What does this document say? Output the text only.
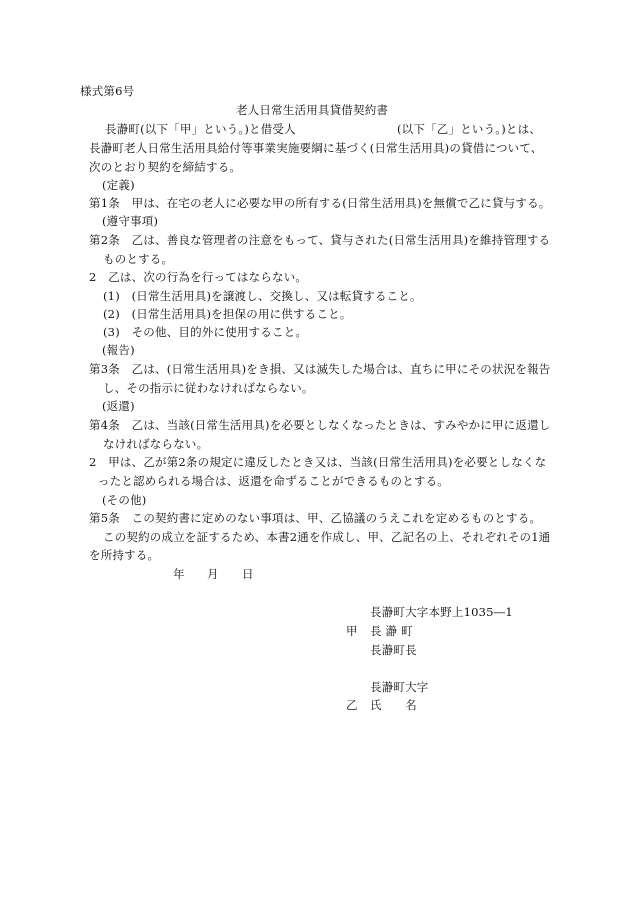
様式第6号
老人日常生活用具貸借契約書
長瀞町(以下「甲」という。)と借受人	(以下「乙」という。)とは、
長瀞町老人日常生活用具給付等事業実施要綱に基づく(日常生活用具)の貸借について、
次のとおり契約を締結する。
(定義)
第1条　甲は、在宅の老人に必要な甲の所有する(日常生活用具)を無償で乙に貸与する。
(遵守事項)
第2条　乙は、善良な管理者の注意をもって、貸与された(日常生活用具)を維持管理する
ものとする。
2　乙は、次の行為を行ってはならない。
(1)　(日常生活用具)を譲渡し、交換し、又は転貸すること。
(2)　(日常生活用具)を担保の用に供すること。
(3)　その他、目的外に使用すること。
(報告)
第3条　乙は、(日常生活用具)をき損、又は滅失した場合は、直ちに甲にその状況を報告
し、その指示に従わなければならない。
(返還)
第4条　乙は、当該(日常生活用具)を必要としなくなったときは、すみやかに甲に返還し
なければならない。
2　甲は、乙が第2条の規定に違反したとき又は、当該(日常生活用具)を必要としなくな
ったと認められる場合は、返還を命ずることができるものとする。
(その他)
第5条　この契約書に定めのない事項は、甲、乙協議のうえこれを定めるものとする。
この契約の成立を証するため、本書2通を作成し、甲、乙記名の上、それぞれその1通
を所持する。
年 月 日
長瀞町大字本野上1035―1
甲 長 瀞 町
長瀞町長
長瀞町大字
乙 氏　　名
